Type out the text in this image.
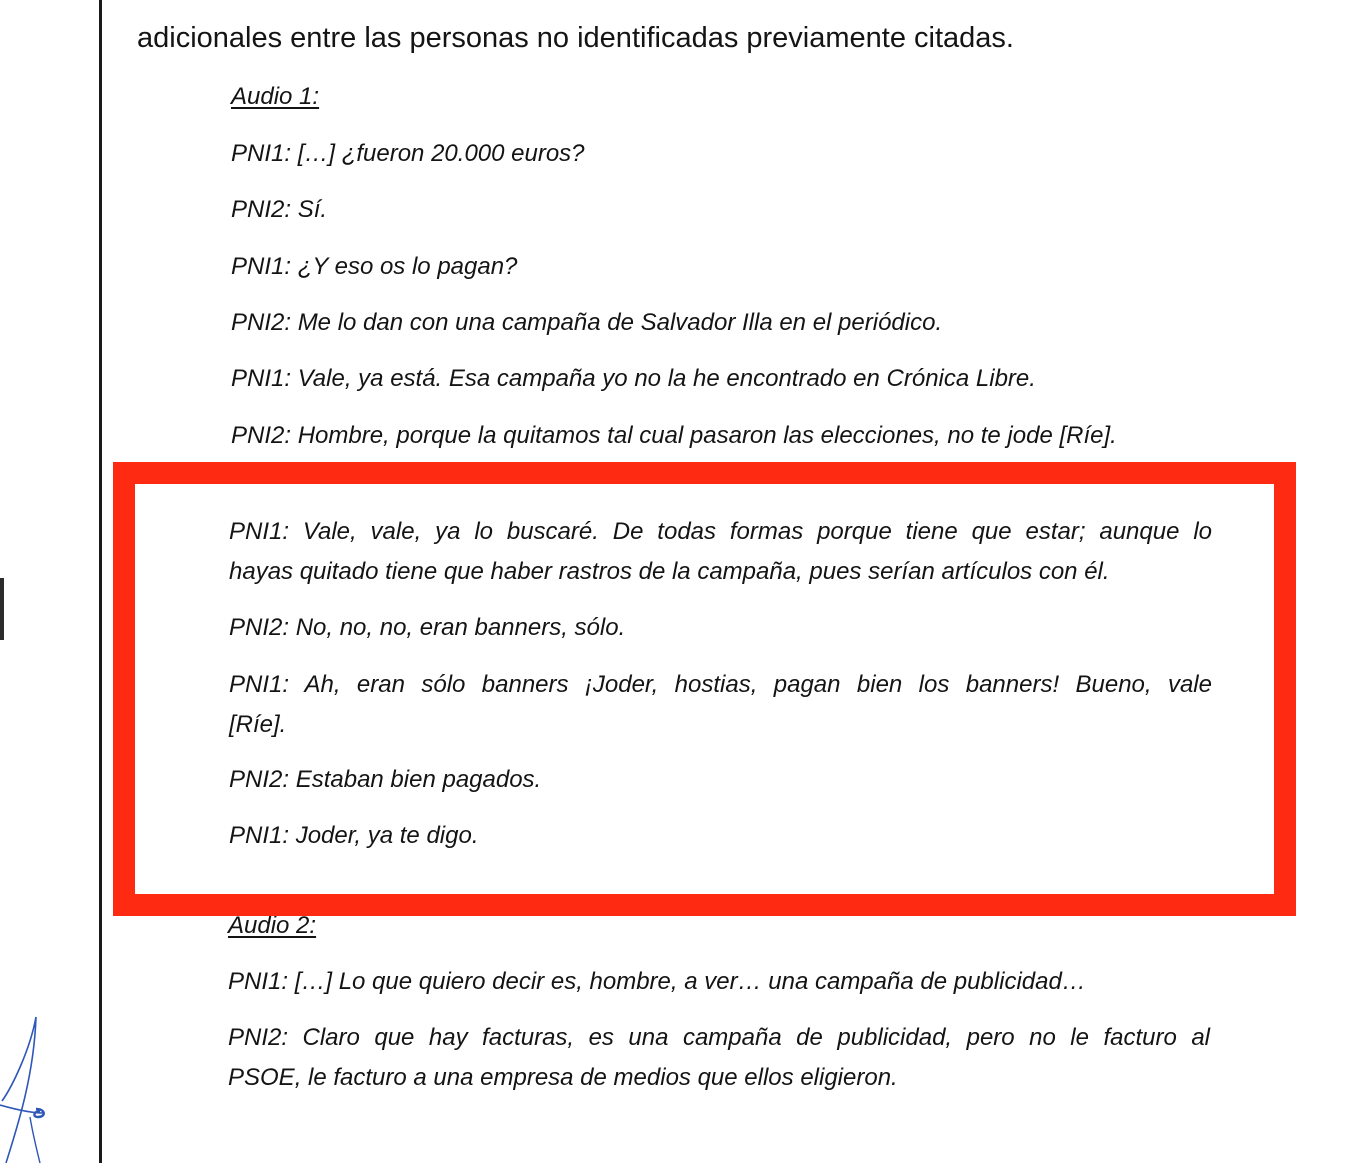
adicionales entre las personas no identificadas previamente citadas.
Audio 1:
PNI1: […] ¿fueron 20.000 euros?
PNI2: Sí.
PNI1: ¿Y eso os lo pagan?
PNI2: Me lo dan con una campaña de Salvador Illa en el periódico.
PNI1: Vale, ya está. Esa campaña yo no la he encontrado en Crónica Libre.
PNI2: Hombre, porque la quitamos tal cual pasaron las elecciones, no te jode [Ríe].
PNI1: Vale, vale, ya lo buscaré. De todas formas porque tiene que estar; aunque lo
hayas quitado tiene que haber rastros de la campaña, pues serían artículos con él.
PNI2: No, no, no, eran banners, sólo.
PNI1: Ah, eran sólo banners ¡Joder, hostias, pagan bien los banners! Bueno, vale
[Ríe].
PNI2: Estaban bien pagados.
PNI1: Joder, ya te digo.
Audio 2:
PNI1: […] Lo que quiero decir es, hombre, a ver… una campaña de publicidad…
PNI2: Claro que hay facturas, es una campaña de publicidad, pero no le facturo al
PSOE, le facturo a una empresa de medios que ellos eligieron.
